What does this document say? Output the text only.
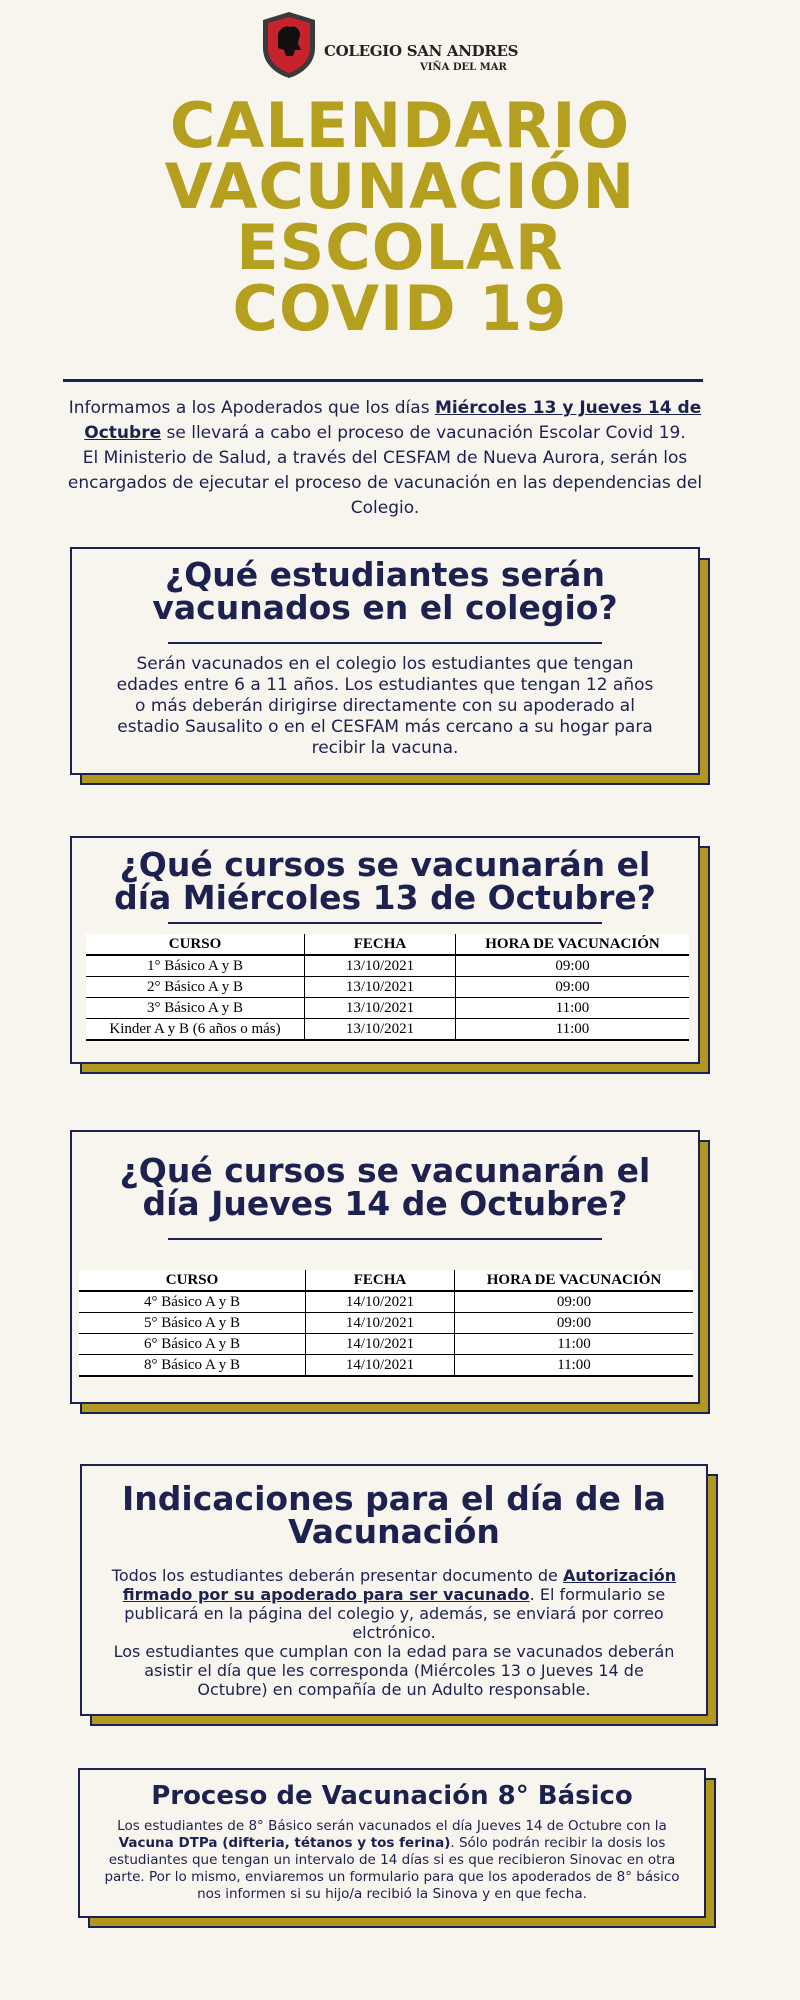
COLEGIO SAN ANDRES
VIÑA DEL MAR
CALENDARIO
VACUNACIÓN
ESCOLAR
COVID 19

Informamos a los Apoderados que los días Miércoles 13 y Jueves 14 de Octubre se llevará a cabo el proceso de vacunación Escolar Covid 19.

El Ministerio de Salud, a través del CESFAM de Nueva Aurora, serán los encargados de ejecutar el proceso de vacunación en las dependencias del Colegio.

¿Qué estudiantes serán vacunados en el colegio?
Serán vacunados en el colegio los estudiantes que tengan edades entre 6 a 11 años. Los estudiantes que tengan 12 años o más deberán dirigirse directamente con su apoderado al estadio Sausalito o en el CESFAM más cercano a su hogar para recibir la vacuna.
¿Qué cursos se vacunarán el día Miércoles 13 de Octubre?
CURSO	FECHA	HORA DE VACUNACIÓN
1° Básico A y B	13/10/2021	09:00
2° Básico A y B	13/10/2021	09:00
3° Básico A y B	13/10/2021	11:00
Kinder A y B (6 años o más)	13/10/2021	11:00
¿Qué cursos se vacunarán el día Jueves 14 de Octubre?
CURSO	FECHA	HORA DE VACUNACIÓN
4° Básico A y B	14/10/2021	09:00
5° Básico A y B	14/10/2021	09:00
6° Básico A y B	14/10/2021	11:00
8° Básico A y B	14/10/2021	11:00
Indicaciones para el día de la Vacunación
Todos los estudiantes deberán presentar documento de Autorización firmado por su apoderado para ser vacunado. El formulario se publicará en la página del colegio y, además, se enviará por correo elctrónico.
Los estudiantes que cumplan con la edad para se vacunados deberán asistir el día que les corresponda (Miércoles 13 o Jueves 14 de Octubre) en compañía de un Adulto responsable.
Proceso de Vacunación 8° Básico
Los estudiantes de 8° Básico serán vacunados el día Jueves 14 de Octubre con la Vacuna DTPa (difteria, tétanos y tos ferina). Sólo podrán recibir la dosis los estudiantes que tengan un intervalo de 14 días si es que recibieron Sinovac en otra parte. Por lo mismo, enviaremos un formulario para que los apoderados de 8° básico nos informen si su hijo/a recibió la Sinova y en que fecha.
